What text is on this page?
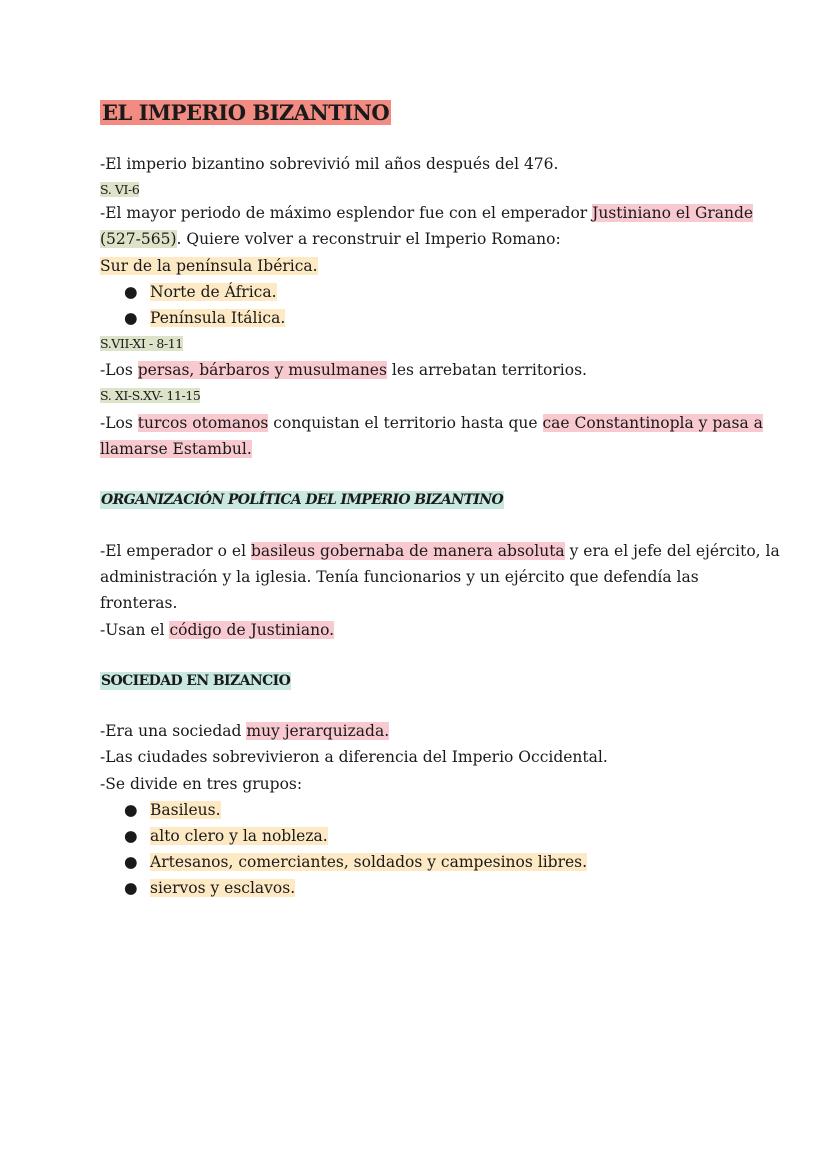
EL IMPERIO BIZANTINO
-El imperio bizantino sobrevivió mil años después del 476.
S. VI-6
-El mayor periodo de máximo esplendor fue con el emperador Justiniano el Grande
(527-565). Quiere volver a reconstruir el Imperio Romano:
Sur de la península Ibérica.
● Norte de África.
● Península Itálica.
S.VII-XI - 8-11
-Los persas, bárbaros y musulmanes les arrebatan territorios.
S. XI-S.XV- 11-15
-Los turcos otomanos conquistan el territorio hasta que cae Constantinopla y pasa a
llamarse Estambul.
ORGANIZACIÓN POLÍTICA DEL IMPERIO BIZANTINO
-El emperador o el basileus gobernaba de manera absoluta y era el jefe del ejército, la
administración y la iglesia. Tenía funcionarios y un ejército que defendía las
fronteras.
-Usan el código de Justiniano.
SOCIEDAD EN BIZANCIO
-Era una sociedad muy jerarquizada.
-Las ciudades sobrevivieron a diferencia del Imperio Occidental.
-Se divide en tres grupos:
● Basileus.
● alto clero y la nobleza.
● Artesanos, comerciantes, soldados y campesinos libres.
● siervos y esclavos.
